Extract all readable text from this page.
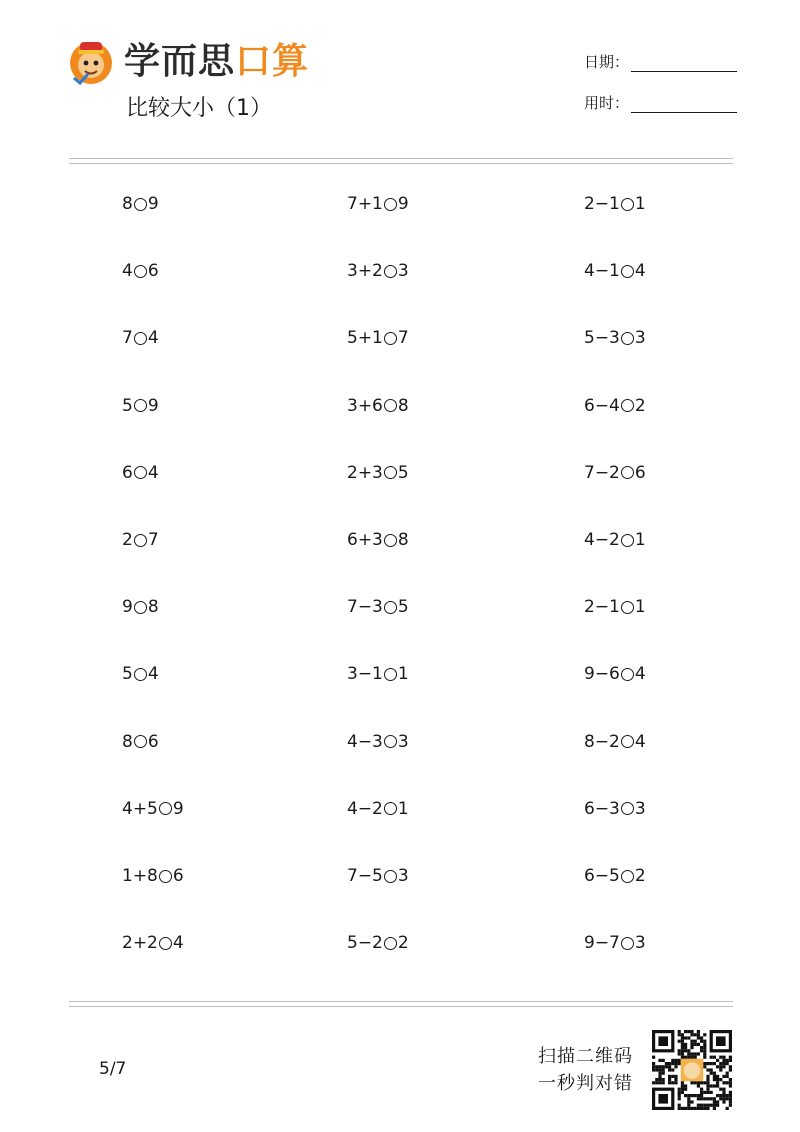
学而思口算
比较大小（1）
日期：
用时：
8 9	7+1 9	2−1 1
4 6	3+2 3	4−1 4
7 4	5+1 7	5−3 3
5 9	3+6 8	6−4 2
6 4	2+3 5	7−2 6
2 7	6+3 8	4−2 1
9 8	7−3 5	2−1 1
5 4	3−1 1	9−6 4
8 6	4−3 3	8−2 4
4+5 9	4−2 1	6−3 3
1+8 6	7−5 3	6−5 2
2+2 4	5−2 2	9−7 3
5/7
扫描二维码
一秒判对错
